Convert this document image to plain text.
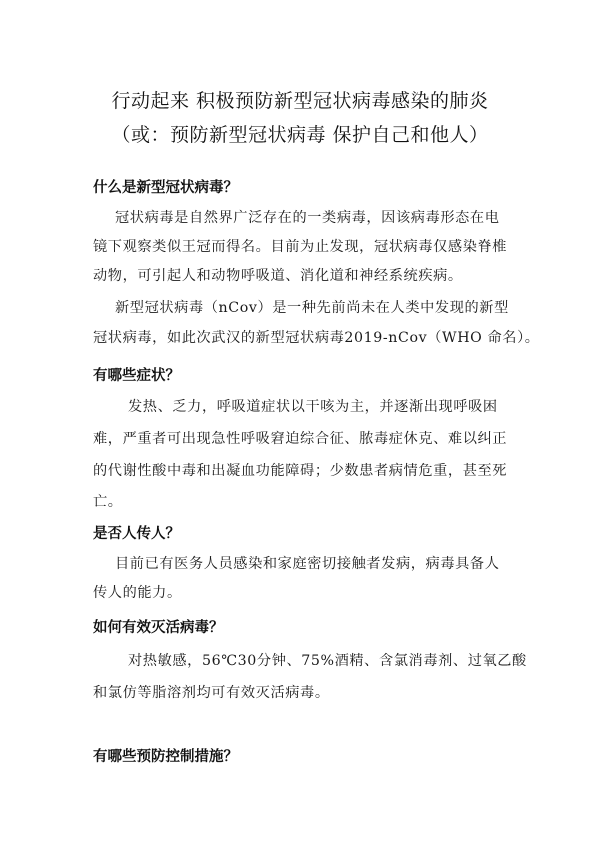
行动起来 积极预防新型冠状病毒感染的肺炎
（或：预防新型冠状病毒 保护自己和他人）
什么是新型冠状病毒？
冠状病毒是自然界广泛存在的一类病毒，因该病毒形态在电
镜下观察类似王冠而得名。目前为止发现，冠状病毒仅感染脊椎
动物，可引起人和动物呼吸道、消化道和神经系统疾病。
新型冠状病毒（nCov）是一种先前尚未在人类中发现的新型
冠状病毒，如此次武汉的新型冠状病毒2019-nCov（WHO 命名）。
有哪些症状？
发热、乏力，呼吸道症状以干咳为主，并逐渐出现呼吸困
难，严重者可出现急性呼吸窘迫综合征、脓毒症休克、难以纠正
的代谢性酸中毒和出凝血功能障碍；少数患者病情危重，甚至死
亡。
是否人传人？
目前已有医务人员感染和家庭密切接触者发病，病毒具备人
传人的能力。
如何有效灭活病毒？
对热敏感，56℃30分钟、75%酒精、含氯消毒剂、过氧乙酸
和氯仿等脂溶剂均可有效灭活病毒。
有哪些预防控制措施？
